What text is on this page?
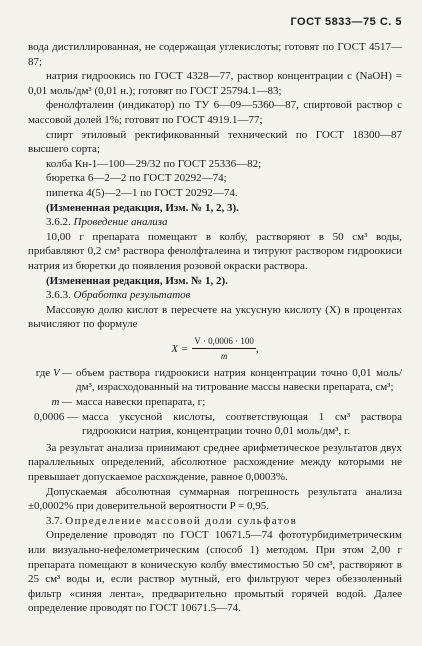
ГОСТ 5833—75 С. 5

вода дистиллированная, не содержащая углекислоты; готовят по ГОСТ 4517—87;

натрия гидроокись по ГОСТ 4328—77, раствор концентрации с (NaOH) = 0,01 моль/дм³ (0,01 н.); готовят по ГОСТ 25794.1—83;

фенолфталеин (индикатор) по ТУ 6—09—5360—87, спиртовой раствор с массовой долей 1%; готовят по ГОСТ 4919.1—77;

спирт этиловый ректификованный технический по ГОСТ 18300—87 высшего сорта;

колба Кн-1—100—29/32 по ГОСТ 25336—82;

бюретка 6—2—2 по ГОСТ 20292—74;

пипетка 4(5)—2—1 по ГОСТ 20292—74.

(Измененная редакция, Изм. № 1, 2, 3).

3.6.2. Проведение анализа

10,00 г препарата помещают в колбу, растворяют в 50 см³ воды, прибавляют 0,2 см³ раствора фенолфталеина и титруют раствором гидроокиси натрия из бюретки до появления розовой окраски раствора.

(Измененная редакция, Изм. № 1, 2).

3.6.3. Обработка результатов

Массовую долю кислот в пересчете на уксусную кислоту (X) в процентах вычисляют по формуле

$X = \frac{V \cdot 0,0006 \cdot 100}{m}$ ,
где V — объем раствора гидроокиси натрия концентрации точно 0,01 моль/дм³, израсходованный на титрование массы навески препарата, см³;
m — масса навески препарата, г;
0,0006 — масса уксусной кислоты, соответствующая 1 см³ раствора гидроокиси натрия, концентрации точно 0,01 моль/дм³, г.

За результат анализа принимают среднее арифметическое результатов двух параллельных определений, абсолютное расхождение между которыми не превышает допускаемое расхождение, равное 0,0003%.

Допускаемая абсолютная суммарная погрешность результата анализа ±0,0002% при доверительной вероятности P = 0,95.

3.7. Определение массовой доли сульфатов

Определение проводят по ГОСТ 10671.5—74 фототурбидиметрическим или визуально-нефелометрическим (способ 1) методом. При этом 2,00 г препарата помещают в коническую колбу вместимостью 50 см³, растворяют в 25 см³ воды и, если раствор мутный, его фильтруют через обеззоленный фильтр «синяя лента», предварительно промытый горячей водой. Далее определение проводят по ГОСТ 10671.5—74.
